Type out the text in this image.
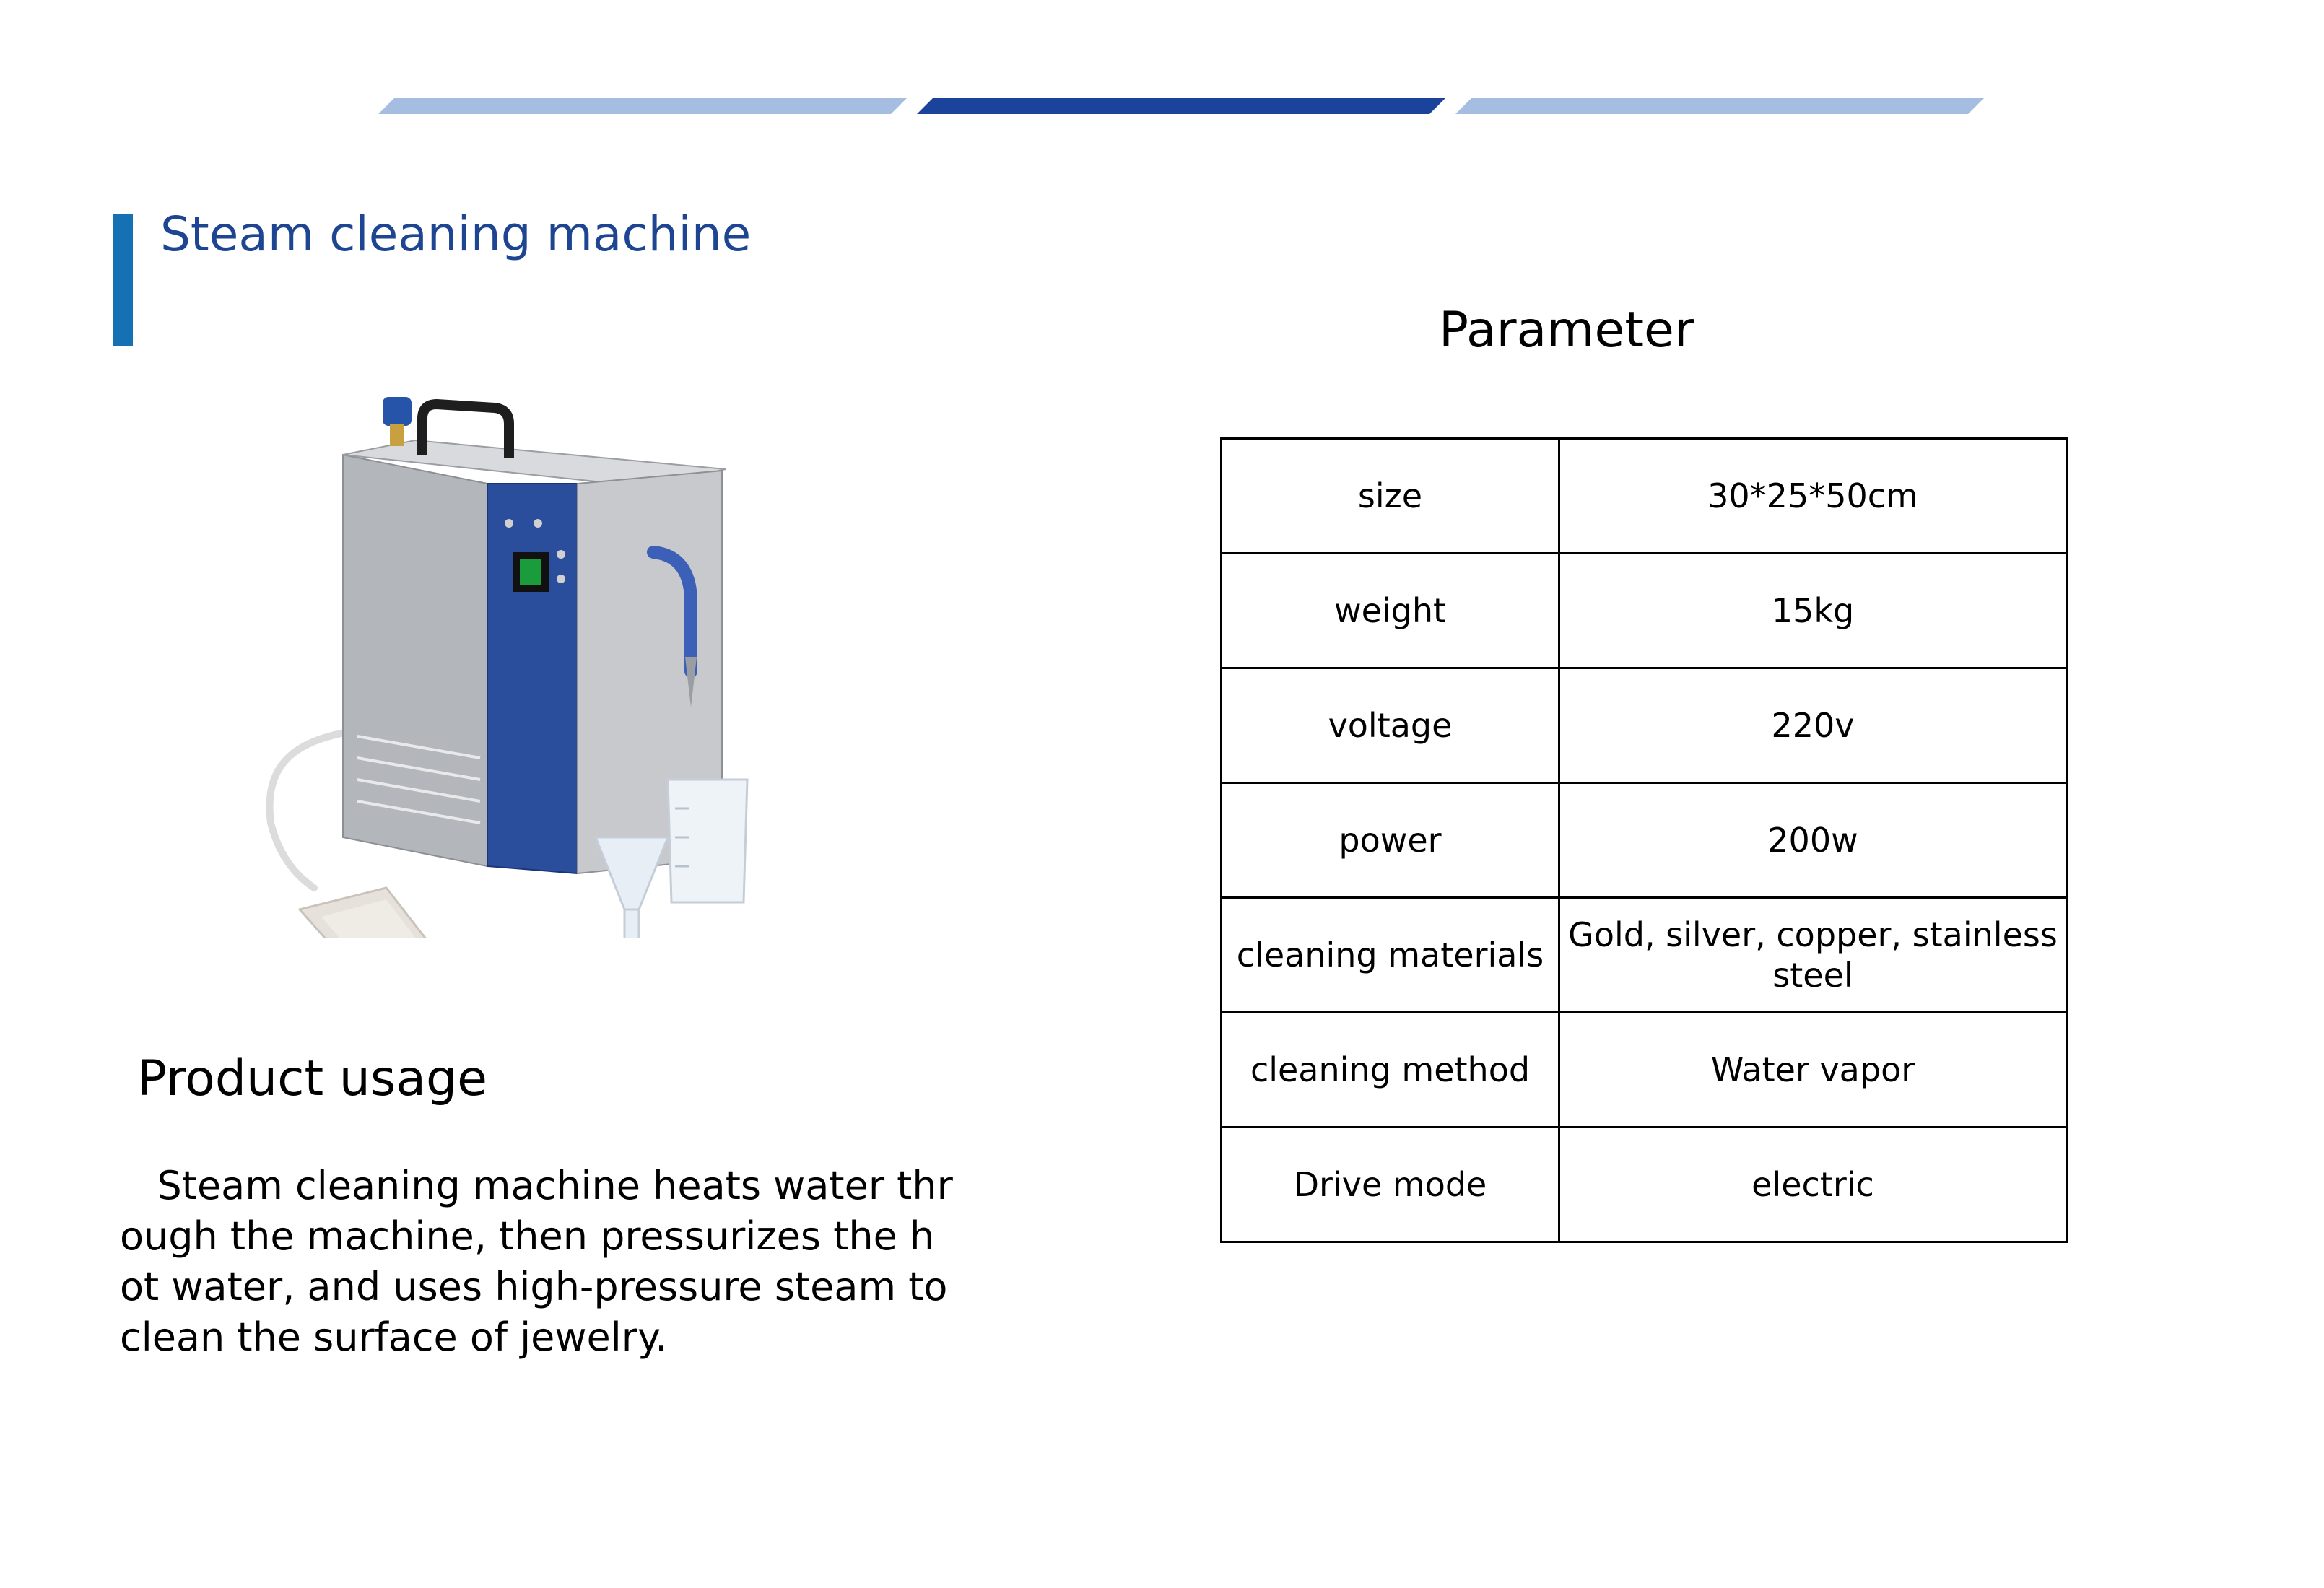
Steam cleaning machine
Product usage

Steam cleaning machine heats water through the machine, then pressurizes the hot water, and uses high-pressure steam to clean the surface of jewelry.

Parameter
size	30*25*50cm
weight	15kg
voltage	220v
power	200w
cleaning materials	Gold, silver, copper, stainless steel
cleaning method	Water vapor
Drive mode	electric
